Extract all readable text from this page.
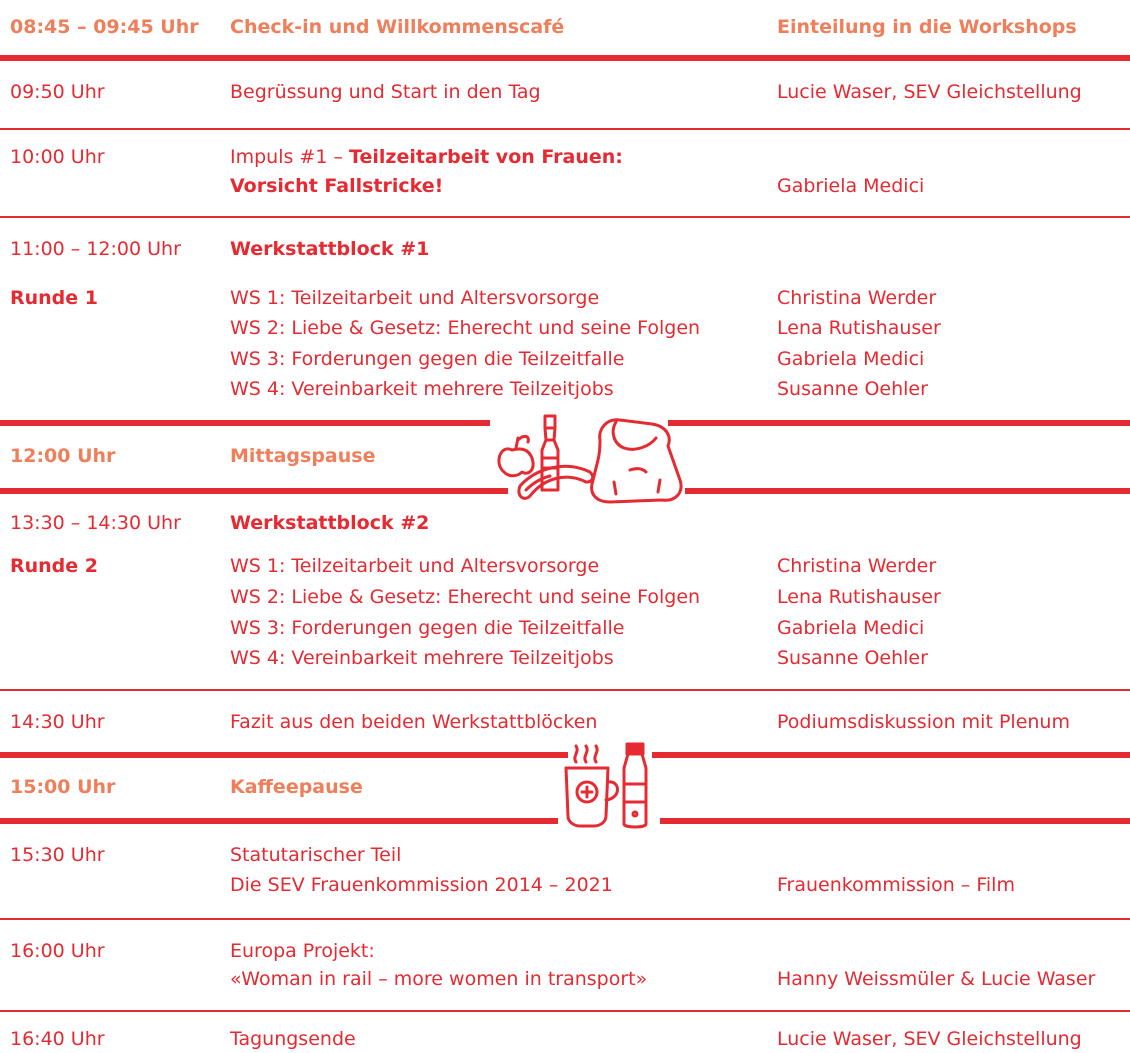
08:45 – 09:45 Uhr Check-in und Willkommenscafé	Einteilung in die Workshops
09:50 Uhr	Begrüssung und Start in den Tag	Lucie Waser, SEV Gleichstellung
10:00 Uhr	Impuls #1 – Teilzeitarbeit von Frauen:
Vorsicht Fallstricke!	Gabriela Medici
11:00 – 12:00 Uhr	Werkstattblock #1
Runde 1	WS 1: Teilzeitarbeit und Altersvorsorge	Christina Werder
WS 2: Liebe & Gesetz: Eherecht und seine Folgen	Lena Rutishauser
WS 3: Forderungen gegen die Teilzeitfalle	Gabriela Medici
WS 4: Vereinbarkeit mehrere Teilzeitjobs	Susanne Oehler
12:00 Uhr	Mittagspause
13:30 – 14:30 Uhr	Werkstattblock #2
Runde 2	WS 1: Teilzeitarbeit und Altersvorsorge	Christina Werder
WS 2: Liebe & Gesetz: Eherecht und seine Folgen	Lena Rutishauser
WS 3: Forderungen gegen die Teilzeitfalle	Gabriela Medici
WS 4: Vereinbarkeit mehrere Teilzeitjobs	Susanne Oehler
14:30 Uhr	Fazit aus den beiden Werkstattblöcken	Podiumsdiskussion mit Plenum
15:00 Uhr	Kaffeepause
15:30 Uhr	Statutarischer Teil
Die SEV Frauenkommission 2014 – 2021	Frauenkommission – Film
16:00 Uhr	Europa Projekt:
«Woman in rail – more women in transport»	Hanny Weissmüler & Lucie Waser
16:40 Uhr	Tagungsende	Lucie Waser, SEV Gleichstellung
